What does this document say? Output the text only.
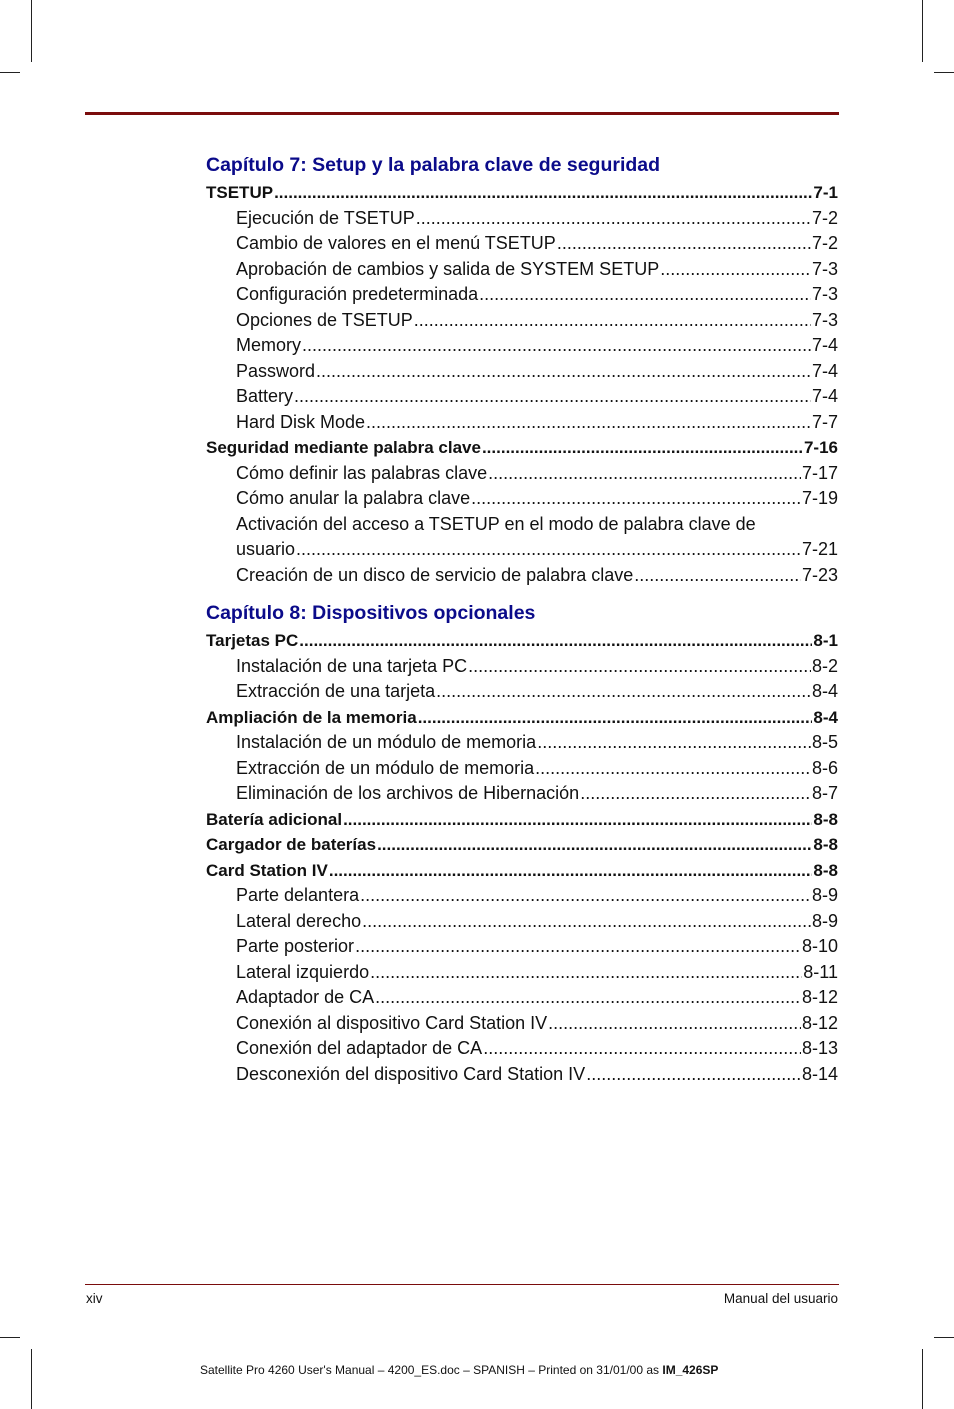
Capítulo 7: Setup y la palabra clave de seguridad
TSETUP .....	7-1
Ejecución de TSETUP .....	7-2
Cambio de valores en el menú TSETUP .....	7-2
Aprobación de cambios y salida de SYSTEM SETUP .....	7-3
Configuración predeterminada .....	7-3
Opciones de TSETUP .....	7-3
Memory .....	7-4
Password .....	7-4
Battery .....	7-4
Hard Disk Mode .....	7-7
Seguridad mediante palabra clave .....	7-16
Cómo definir las palabras clave .....	7-17
Cómo anular la palabra clave .....	7-19
Activación del acceso a TSETUP en el modo de palabra clave de
usuario .....	7-21
Creación de un disco de servicio de palabra clave .....	7-23
Capítulo 8: Dispositivos opcionales
Tarjetas PC .....	8-1
Instalación de una tarjeta PC .....	8-2
Extracción de una tarjeta .....	8-4
Ampliación de la memoria .....	8-4
Instalación de un módulo de memoria .....	8-5
Extracción de un módulo de memoria .....	8-6
Eliminación de los archivos de Hibernación .....	8-7
Batería adicional .....	8-8
Cargador de baterías .....	8-8
Card Station IV .....	8-8
Parte delantera .....	8-9
Lateral derecho .....	8-9
Parte posterior .....	8-10
Lateral izquierdo .....	8-11
Adaptador de CA .....	8-12
Conexión al dispositivo Card Station IV .....	8-12
Conexión del adaptador de CA .....	8-13
Desconexión del dispositivo Card Station IV .....	8-14
xiv	Manual del usuario
Satellite Pro 4260 User's Manual – 4200_ES.doc – SPANISH – Printed on 31/01/00 as IM_426SP
